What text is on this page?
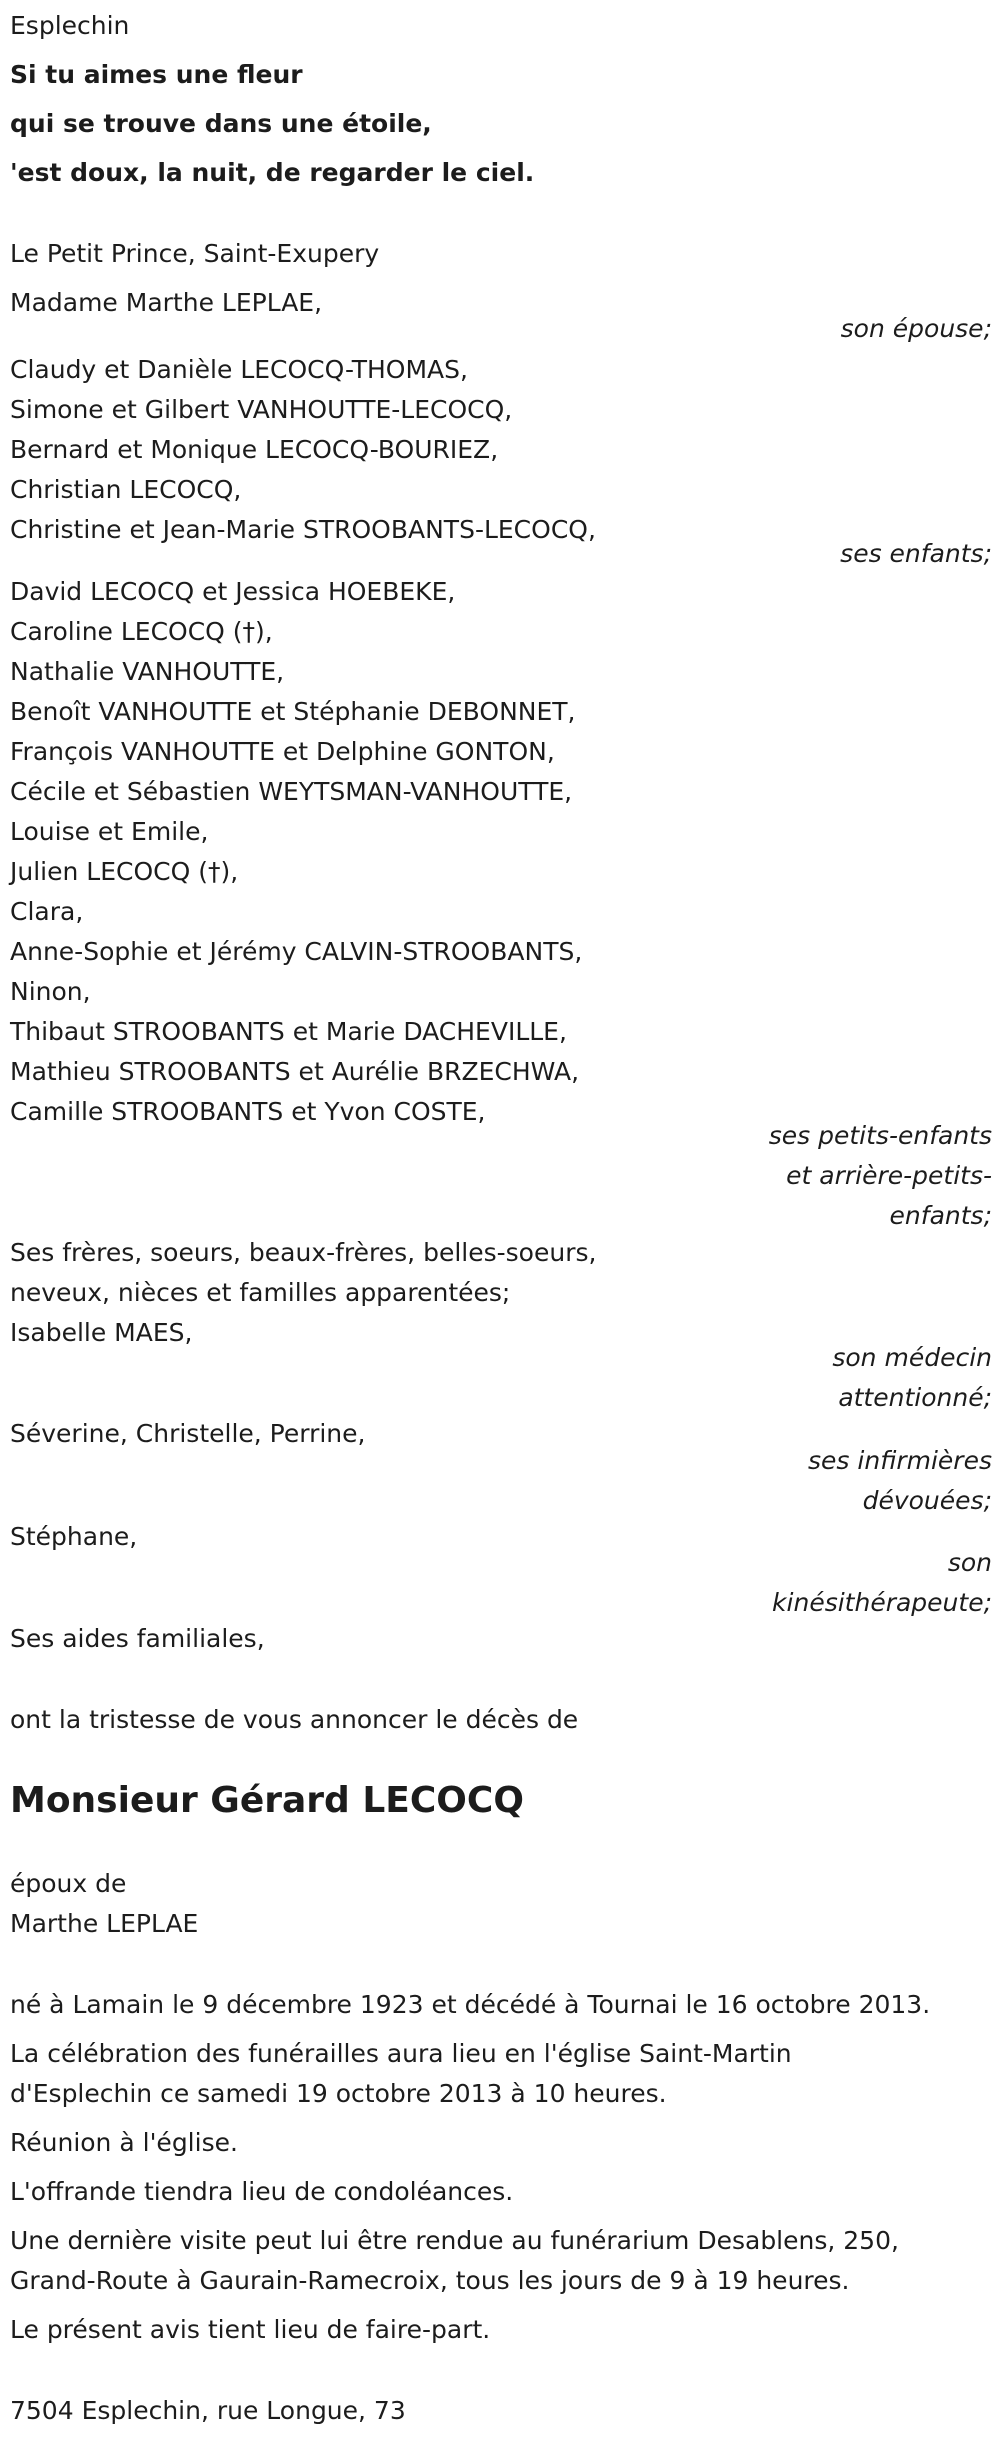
Esplechin
Si tu aimes une fleur
qui se trouve dans une étoile,
'est doux, la nuit, de regarder le ciel.
Le Petit Prince, Saint-Exupery
Madame Marthe LEPLAE,
son épouse;
Claudy et Danièle LECOCQ-THOMAS,
Simone et Gilbert VANHOUTTE-LECOCQ,
Bernard et Monique LECOCQ-BOURIEZ,
Christian LECOCQ,
Christine et Jean-Marie STROOBANTS-LECOCQ,
ses enfants;
David LECOCQ et Jessica HOEBEKE,
Caroline LECOCQ (†),
Nathalie VANHOUTTE,
Benoît VANHOUTTE et Stéphanie DEBONNET,
François VANHOUTTE et Delphine GONTON,
Cécile et Sébastien WEYTSMAN-VANHOUTTE,
Louise et Emile,
Julien LECOCQ (†),
Clara,
Anne-Sophie et Jérémy CALVIN-STROOBANTS,
Ninon,
Thibaut STROOBANTS et Marie DACHEVILLE,
Mathieu STROOBANTS et Aurélie BRZECHWA,
Camille STROOBANTS et Yvon COSTE,
ses petits-enfants
et arrière-petits-
enfants;
Ses frères, soeurs, beaux-frères, belles-soeurs,
neveux, nièces et familles apparentées;
Isabelle MAES,
son médecin
attentionné;
Séverine, Christelle, Perrine,
ses infirmières
dévouées;
Stéphane,
son
kinésithérapeute;
Ses aides familiales,
ont la tristesse de vous annoncer le décès de
Monsieur Gérard LECOCQ
époux de
Marthe LEPLAE
né à Lamain le 9 décembre 1923 et décédé à Tournai le 16 octobre 2013.
La célébration des funérailles aura lieu en l'église Saint-Martin
d'Esplechin ce samedi 19 octobre 2013 à 10 heures.
Réunion à l'église.
L'offrande tiendra lieu de condoléances.
Une dernière visite peut lui être rendue au funérarium Desablens, 250,
Grand-Route à Gaurain-Ramecroix, tous les jours de 9 à 19 heures.
Le présent avis tient lieu de faire-part.
7504 Esplechin, rue Longue, 73
